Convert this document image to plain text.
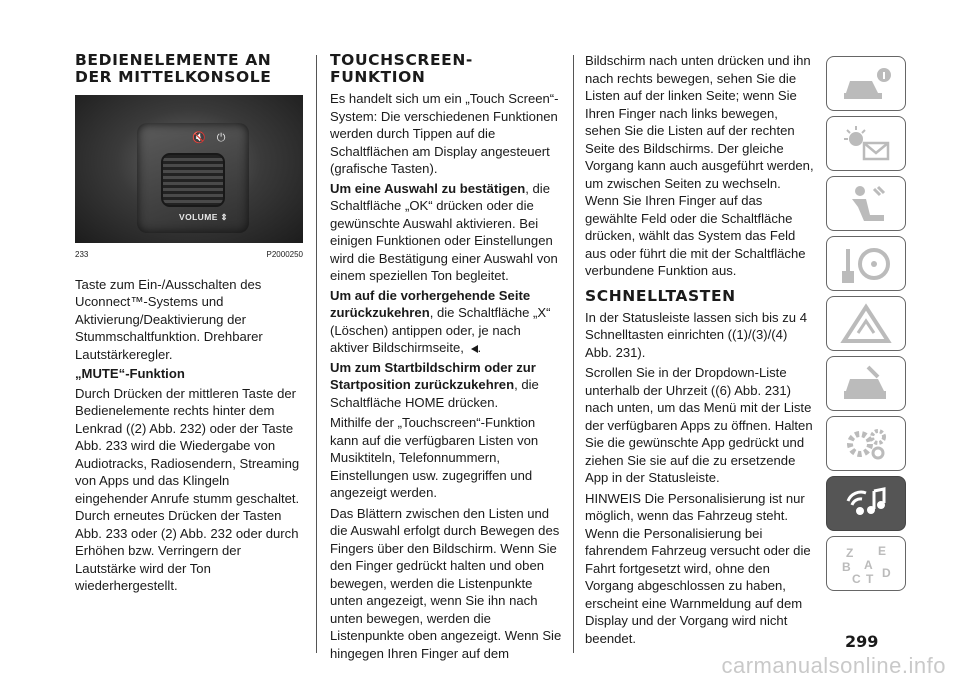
BEDIENELEMENTE AN DER MITTELKONSOLE
🔇 ⏻
VOLUME ⇕
233	P2000250

Taste zum Ein-/Ausschalten des Uconnect™-Systems und Aktivierung/Deaktivierung der Stummschaltfunktion. Drehbarer Lautstärkeregler.

„MUTE“-Funktion

Durch Drücken der mittleren Taste der Bedienelemente rechts hinter dem Lenkrad ((2) Abb. 232) oder der Taste Abb. 233 wird die Wiedergabe von Audiotracks, Radiosendern, Streaming von Apps und das Klingeln eingehender Anrufe stumm geschaltet. Durch erneutes Drücken der Tasten Abb. 233 oder (2) Abb. 232 oder durch Erhöhen bzw. Verringern der Lautstärke wird der Ton wiederhergestellt.

TOUCHSCREEN-FUNKTION

Es handelt sich um ein „Touch Screen“-System: Die verschiedenen Funktionen werden durch Tippen auf die Schaltflächen am Display angesteuert (grafische Tasten).

Um eine Auswahl zu bestätigen, die Schaltfläche „OK“ drücken oder die gewünschte Auswahl aktivieren. Bei einigen Funktionen oder Einstellungen wird die Bestätigung einer Auswahl von einem speziellen Ton begleitet.

Um auf die vorhergehende Seite zurückzukehren, die Schaltfläche „X“ (Löschen) antippen oder, je nach aktiver Bildschirmseite, .

Um zum Startbildschirm oder zur Startposition zurückzukehren, die Schaltfläche HOME drücken.

Mithilfe der „Touchscreen“-Funktion kann auf die verfügbaren Listen von Musiktiteln, Telefonnummern, Einstellungen usw. zugegriffen und angezeigt werden.

Das Blättern zwischen den Listen und die Auswahl erfolgt durch Bewegen des Fingers über den Bildschirm. Wenn Sie den Finger gedrückt halten und oben bewegen, werden die Listenpunkte unten angezeigt, wenn Sie ihn nach unten bewegen, werden die Listenpunkte oben angezeigt. Wenn Sie hingegen Ihren Finger auf dem

Bildschirm nach unten drücken und ihn nach rechts bewegen, sehen Sie die Listen auf der linken Seite; wenn Sie Ihren Finger nach links bewegen, sehen Sie die Listen auf der rechten Seite des Bildschirms. Der gleiche Vorgang kann auch ausgeführt werden, um zwischen Seiten zu wechseln. Wenn Sie Ihren Finger auf das gewählte Feld oder die Schaltfläche drücken, wählt das System das Feld aus oder führt die mit der Schaltfläche verbundene Funktion aus.

SCHNELLTASTEN

In der Statusleiste lassen sich bis zu 4 Schnelltasten einrichten ((1)/(3)/(4) Abb. 231).

Scrollen Sie in der Dropdown-Liste unterhalb der Uhrzeit ((6) Abb. 231) nach unten, um das Menü mit der Liste der verfügbaren Apps zu öffnen. Halten Sie die gewünschte App gedrückt und ziehen Sie sie auf die zu ersetzende App in der Statusleiste.

HINWEIS Die Personalisierung ist nur möglich, wenn das Fahrzeug steht. Wenn die Personalisierung bei fahrendem Fahrzeug versucht oder die Fahrt fortgesetzt wird, ohne den Vorgang abgeschlossen zu haben, erscheint eine Warnmeldung auf dem Display und der Vorgang wird nicht beendet.

Z E
B A
C T D
299
carmanualsonline.info
